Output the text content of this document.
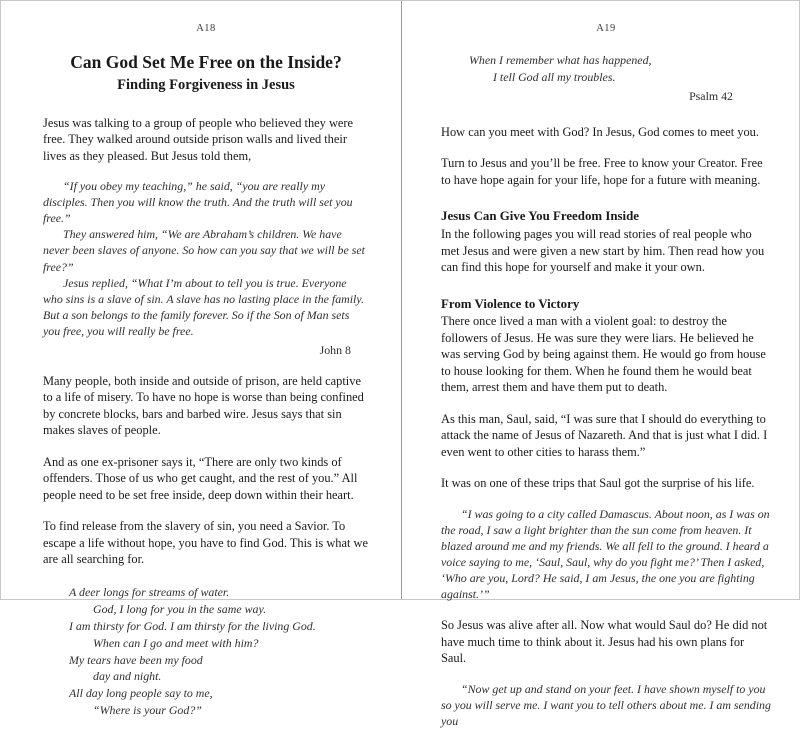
A18
Can God Set Me Free on the Inside?
Finding Forgiveness in Jesus

Jesus was talking to a group of people who believed they were free. They walked around outside prison walls and lived their lives as they pleased. But Jesus told them,

“If you obey my teaching,” he said, “you are really my disciples. Then you will know the truth. And the truth will set you free.”

They answered him, “We are Abraham’s children. We have never been slaves of anyone. So how can you say that we will be set free?”

Jesus replied, “What I’m about to tell you is true. Everyone who sins is a slave of sin. A slave has no lasting place in the family. But a son belongs to the family forever. So if the Son of Man sets you free, you will really be free.

John 8

Many people, both inside and outside of prison, are held captive to a life of misery. To have no hope is worse than being confined by concrete blocks, bars and barbed wire. Jesus says that sin makes slaves of people.

And as one ex-prisoner says it, “There are only two kinds of offenders. Those of us who get caught, and the rest of you.” All people need to be set free inside, deep down within their heart.

To find release from the slavery of sin, you need a Savior. To escape a life without hope, you have to find God. This is what we are all searching for.

A deer longs for streams of water.

God, I long for you in the same way.

I am thirsty for God. I am thirsty for the living God.

When can I go and meet with him?

My tears have been my food

day and night.

All day long people say to me,

“Where is your God?”

A19

When I remember what has happened,

I tell God all my troubles.

Psalm 42

How can you meet with God? In Jesus, God comes to meet you.

Turn to Jesus and you’ll be free. Free to know your Creator. Free to have hope again for your life, hope for a future with meaning.

Jesus Can Give You Freedom Inside

In the following pages you will read stories of real people who met Jesus and were given a new start by him. Then read how you can find this hope for yourself and make it your own.

From Violence to Victory

There once lived a man with a violent goal: to destroy the followers of Jesus. He was sure they were liars. He believed he was serving God by being against them. He would go from house to house looking for them. When he found them he would beat them, arrest them and have them put to death.

As this man, Saul, said, “I was sure that I should do everything to attack the name of Jesus of Nazareth. And that is just what I did. I even went to other cities to harass them.”

It was on one of these trips that Saul got the surprise of his life.

“I was going to a city called Damascus. About noon, as I was on the road, I saw a light brighter than the sun come from heaven. It blazed around me and my friends. We all fell to the ground. I heard a voice saying to me, ‘Saul, Saul, why do you fight me?’ Then I asked, ‘Who are you, Lord? He said, I am Jesus, the one you are fighting against.’”

So Jesus was alive after all. Now what would Saul do? He did not have much time to think about it. Jesus had his own plans for Saul.

“Now get up and stand on your feet. I have shown myself to you so you will serve me. I want you to tell others about me. I am sending you
